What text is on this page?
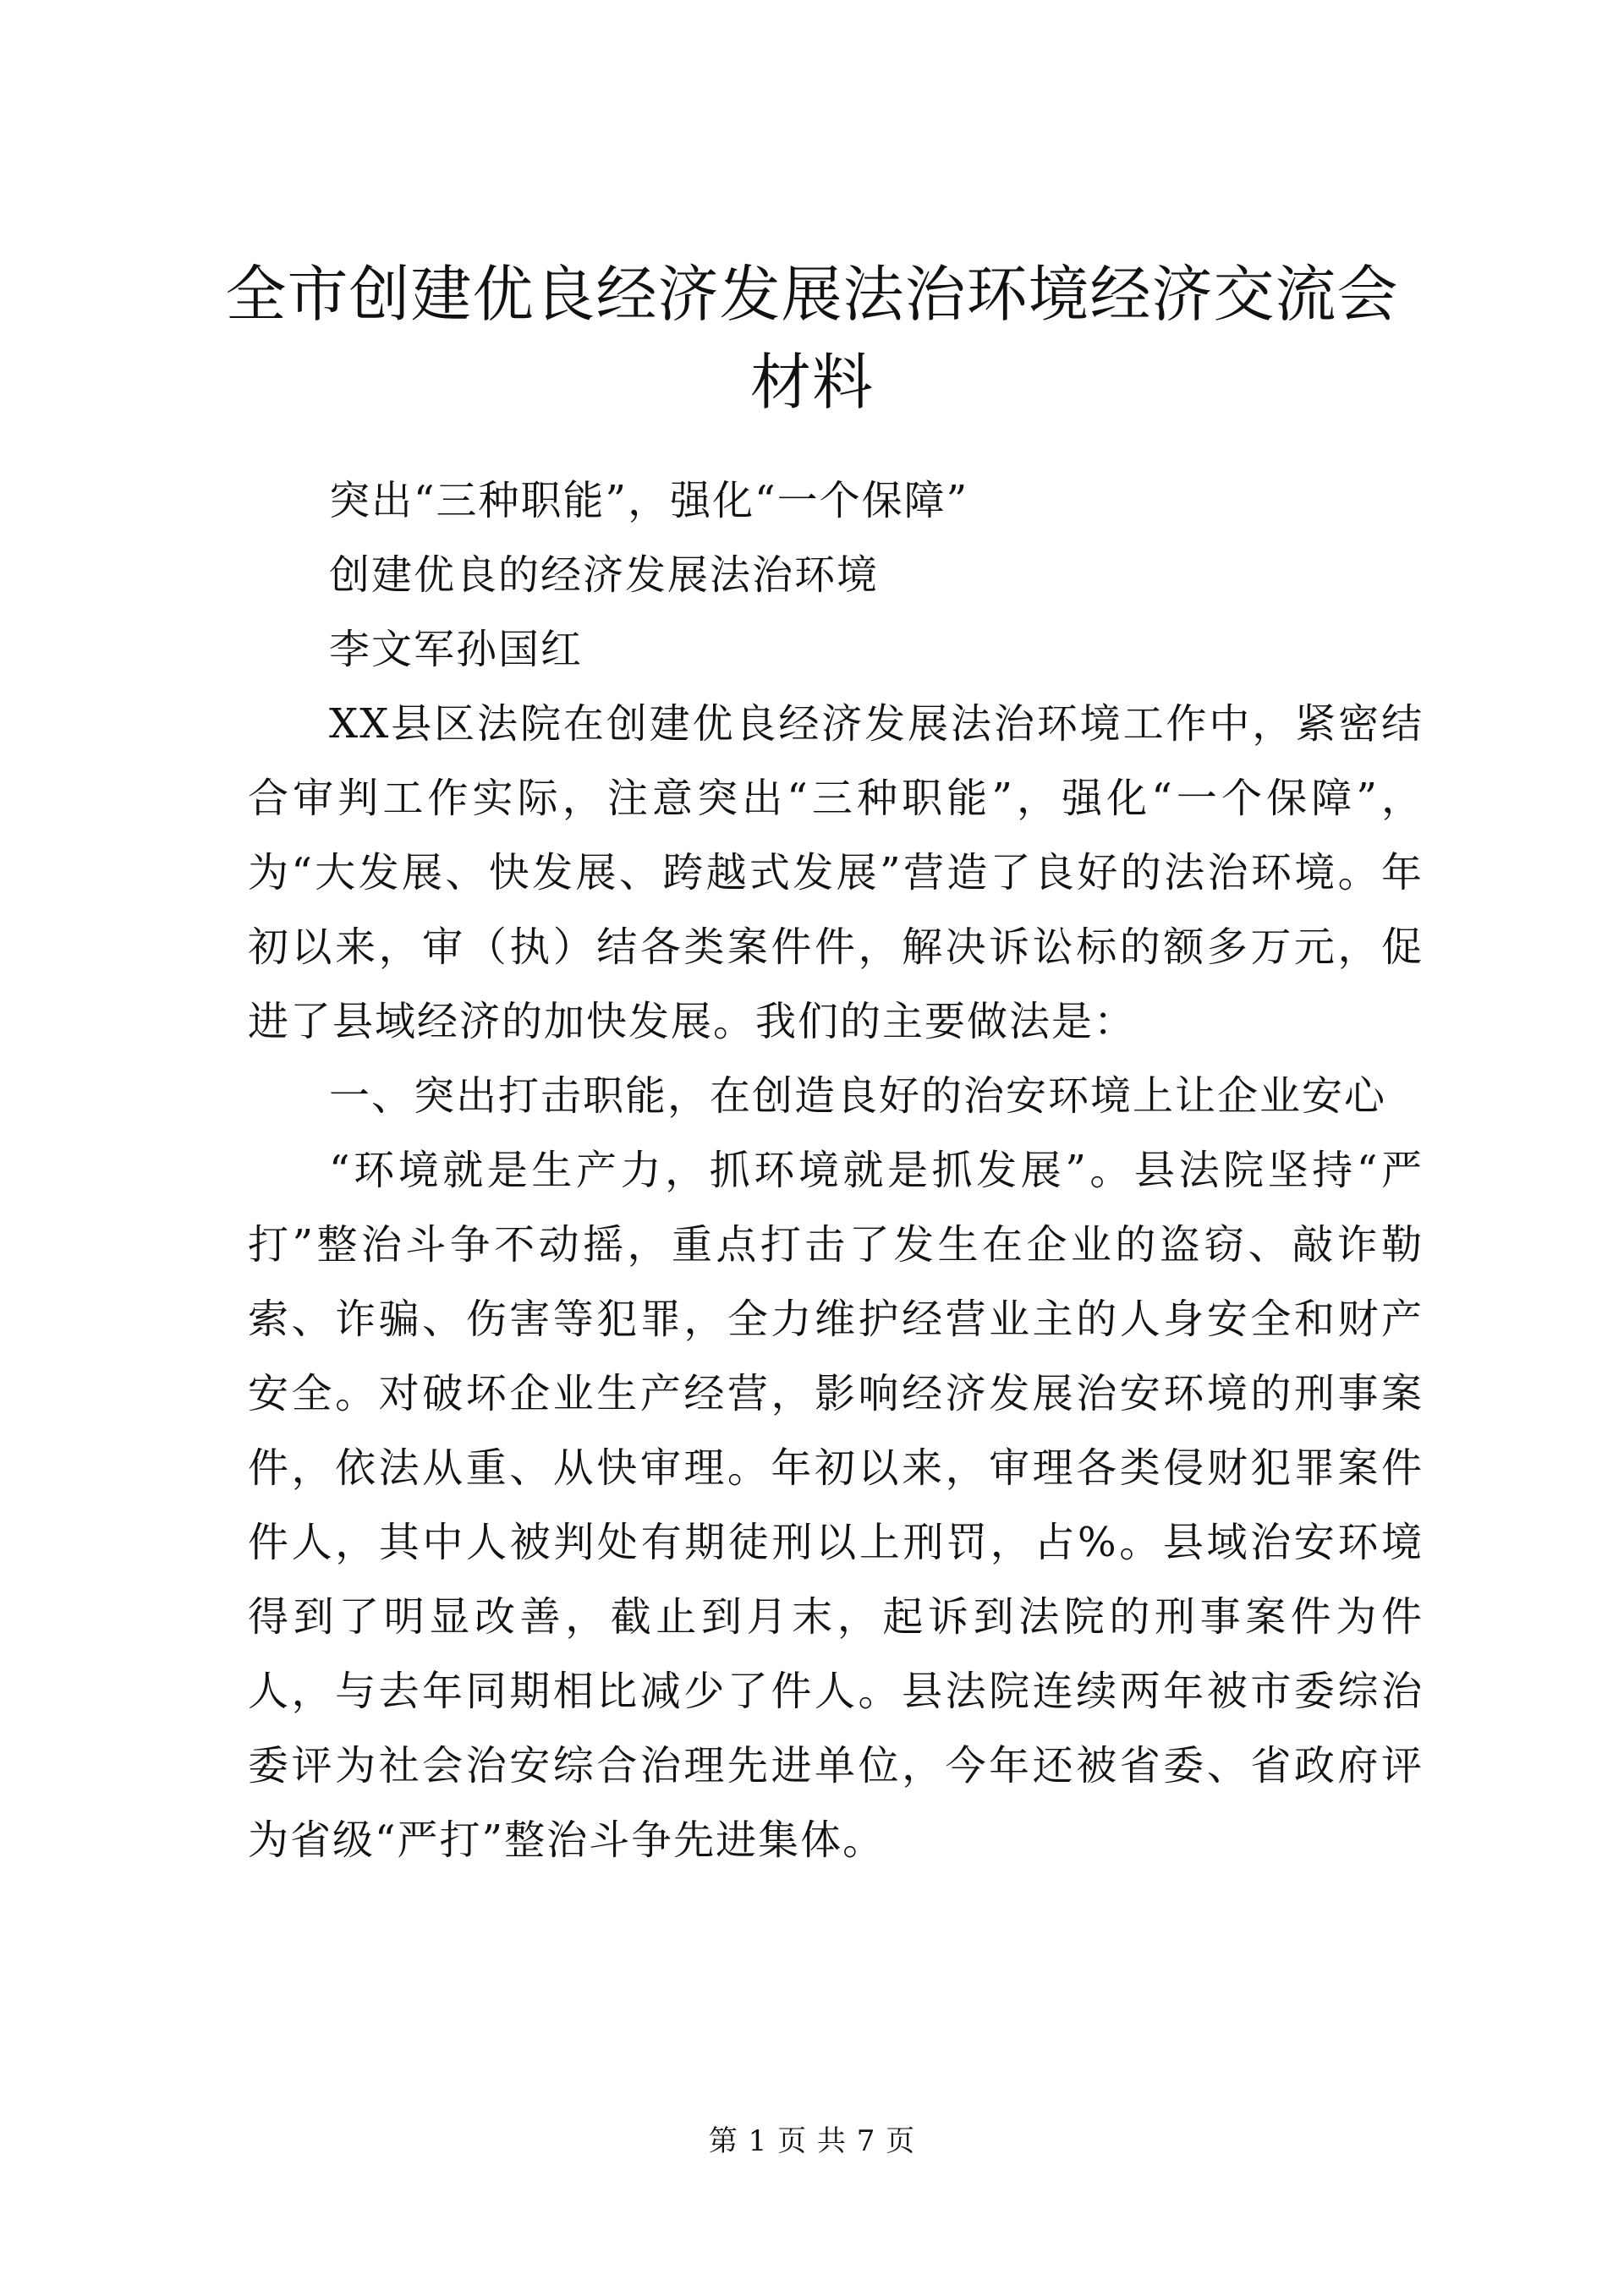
全市创建优良经济发展法治环境经济交流会材料

突出“三种职能”，强化“一个保障”

创建优良的经济发展法治环境

李文军孙国红

XX县区法院在创建优良经济发展法治环境工作中，紧密结合审判工作实际，注意突出“三种职能”，强化“一个保障”，为“大发展、快发展、跨越式发展”营造了良好的法治环境。年初以来，审（执）结各类案件件，解决诉讼标的额多万元，促进了县域经济的加快发展。我们的主要做法是：

一、突出打击职能，在创造良好的治安环境上让企业安心

“环境就是生产力，抓环境就是抓发展”。县法院坚持“严打”整治斗争不动摇，重点打击了发生在企业的盗窃、敲诈勒索、诈骗、伤害等犯罪，全力维护经营业主的人身安全和财产安全。对破坏企业生产经营，影响经济发展治安环境的刑事案件，依法从重、从快审理。年初以来，审理各类侵财犯罪案件件人，其中人被判处有期徒刑以上刑罚，占%。县域治安环境得到了明显改善，截止到月末，起诉到法院的刑事案件为件人，与去年同期相比减少了件人。县法院连续两年被市委综治委评为社会治安综合治理先进单位，今年还被省委、省政府评为省级“严打”整治斗争先进集体。

第 1 页 共 7 页
